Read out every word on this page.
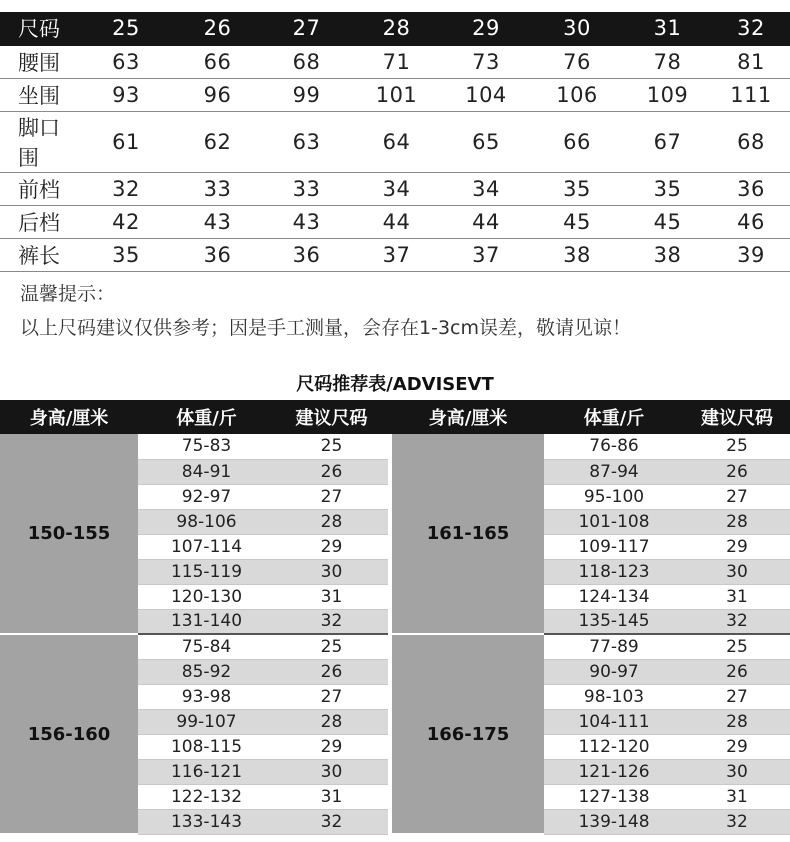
尺码	25	26	27	28	29	30	31	32
腰围	63	66	68	71	73	76	78	81
坐围	93	96	99	101	104	106	109	111
脚口围	61	62	63	64	65	66	67	68
前档	32	33	33	34	34	35	35	36
后档	42	43	43	44	44	45	45	46
裤长	35	36	36	37	37	38	38	39
温馨提示：
以上尺码建议仅供参考；因是手工测量，会存在1-3cm误差，敬请见谅！
尺码推荐表/ADVISEVT
身高/厘米	体重/斤	建议尺码		身高/厘米	体重/斤	建议尺码
150-155	75-83	25		161-165	76-86	25
	84-91	26			87-94	26
	92-97	27			95-100	27
	98-106	28			101-108	28
	107-114	29			109-117	29
	115-119	30			118-123	30
	120-130	31			124-134	31
	131-140	32			135-145	32
156-160	75-84	25		166-175	77-89	25
	85-92	26			90-97	26
	93-98	27			98-103	27
	99-107	28			104-111	28
	108-115	29			112-120	29
	116-121	30			121-126	30
	122-132	31			127-138	31
	133-143	32			139-148	32
